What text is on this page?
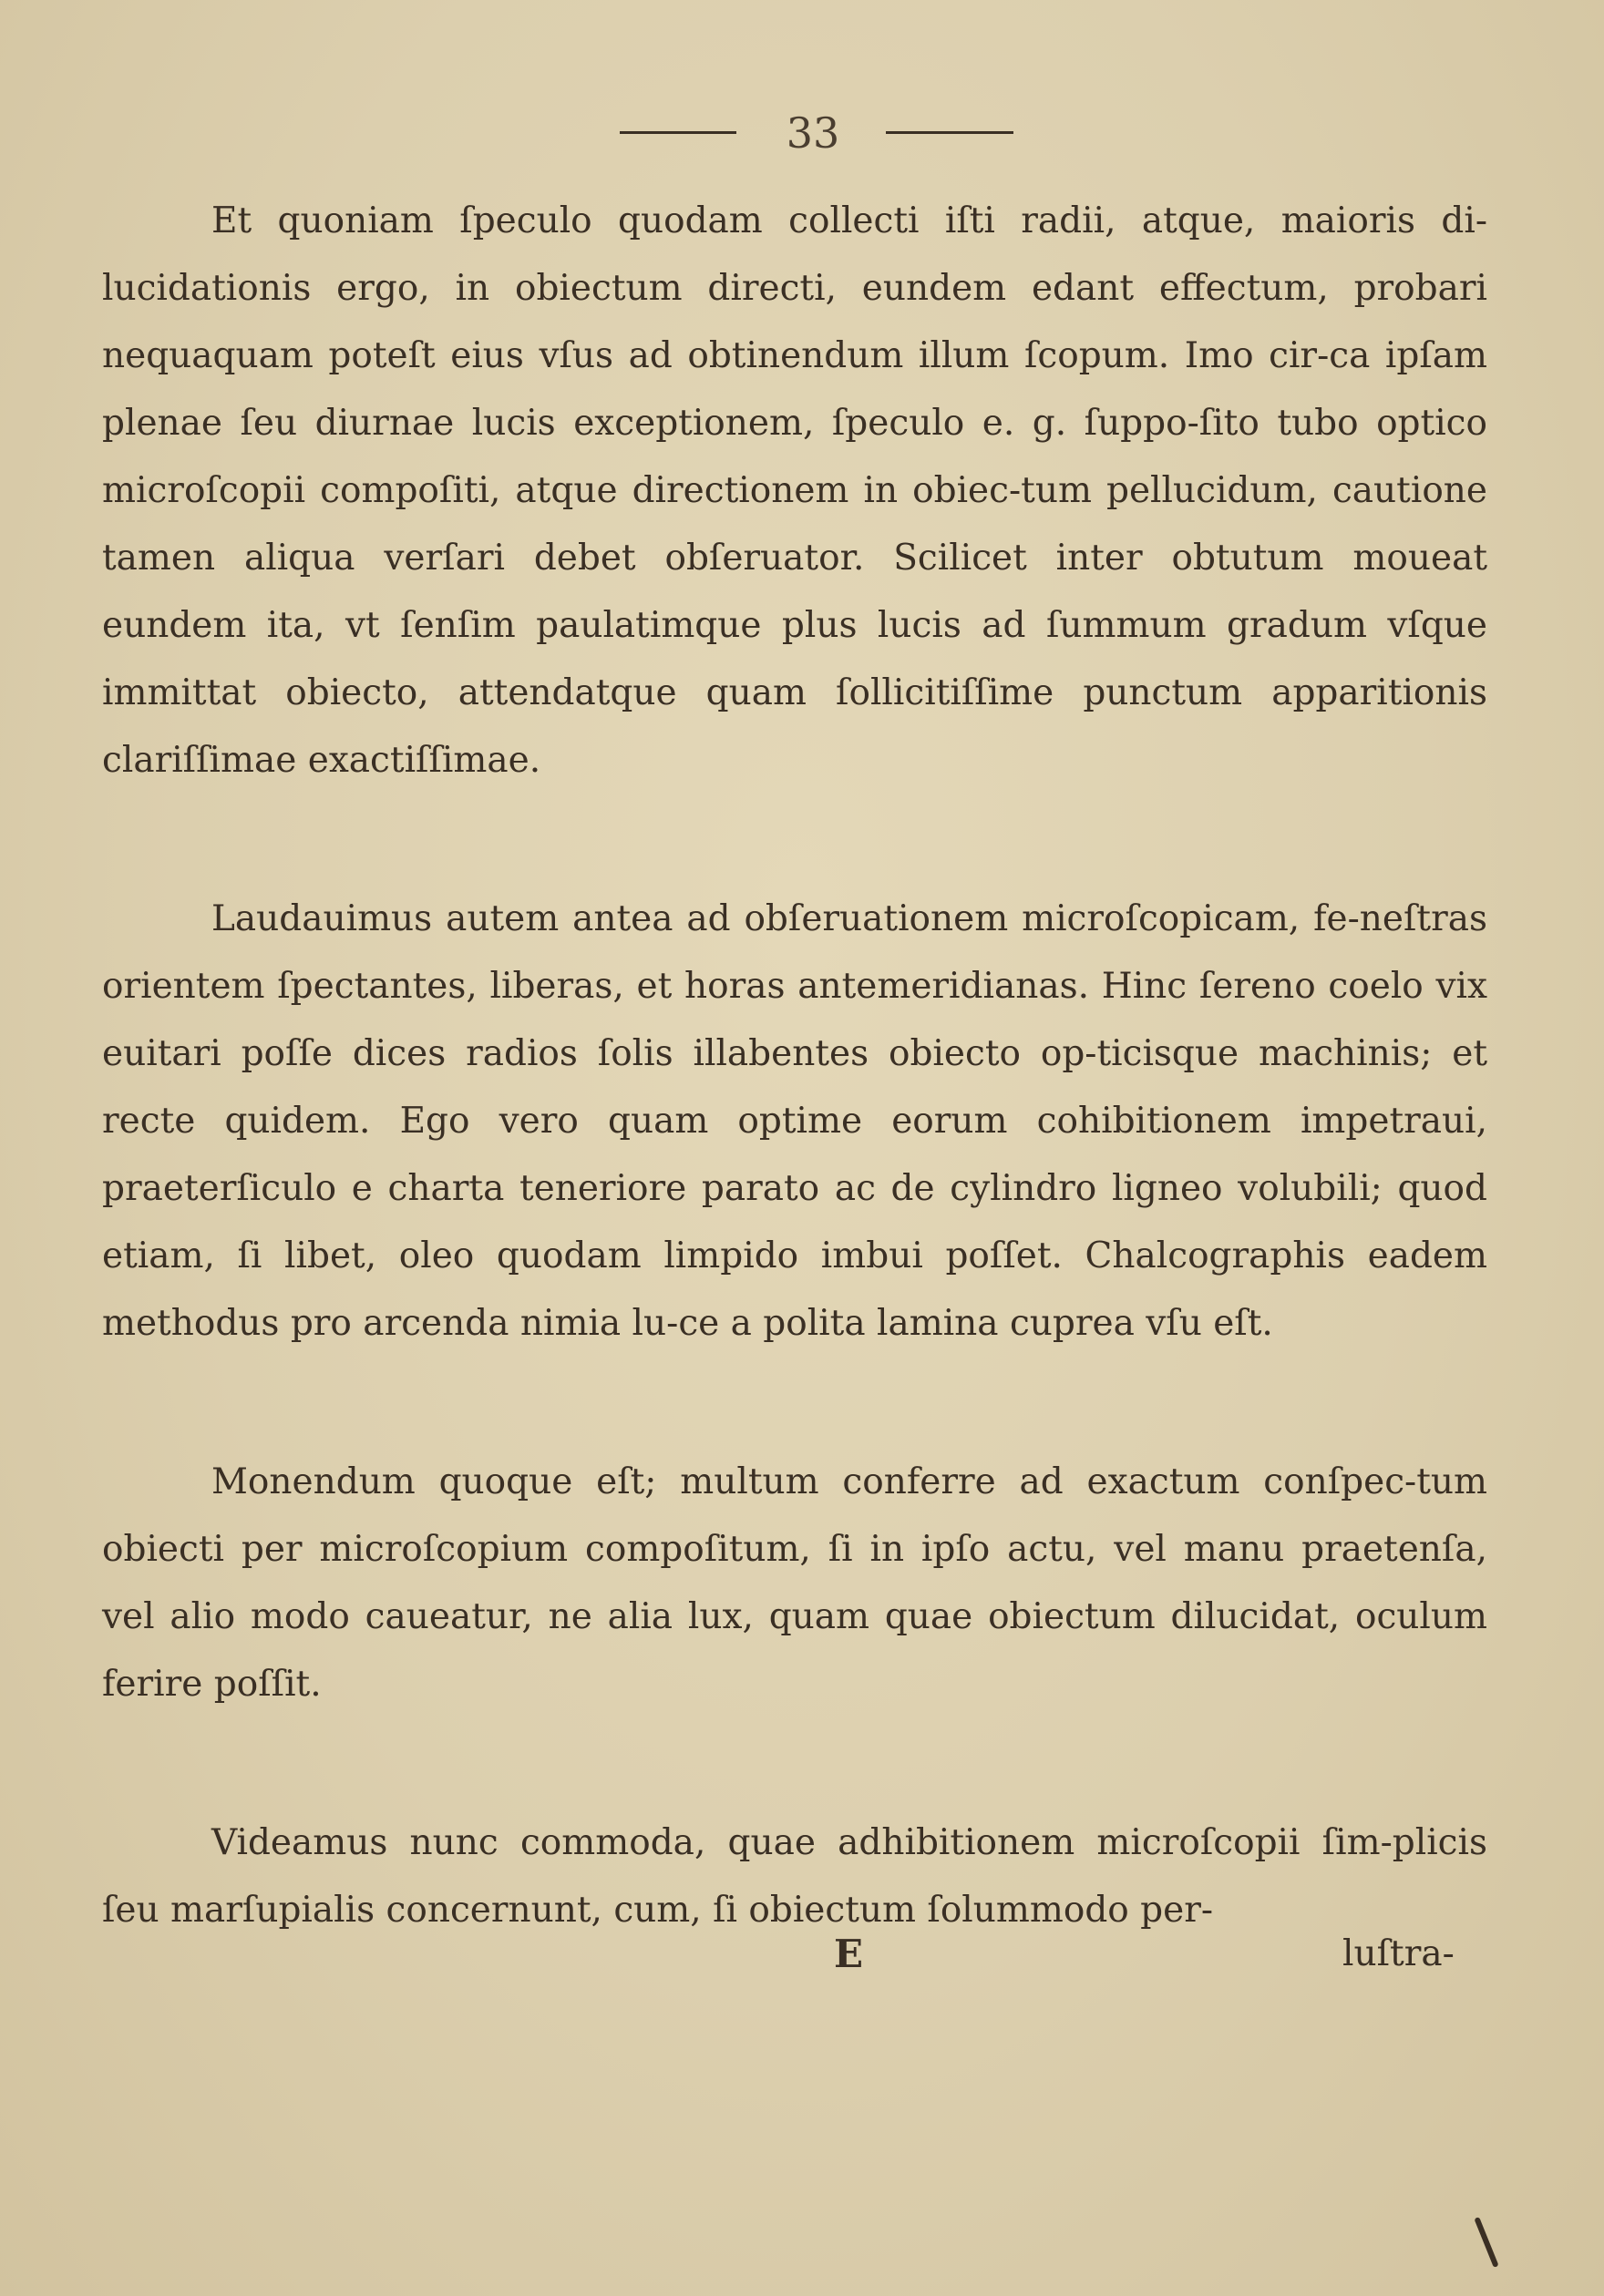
33

Et quoniam ſpeculo quodam collecti iſti radii, atque, maioris di-lucidationis ergo, in obiectum directi, eundem edant effectum, probari nequaquam poteſt eius vſus ad obtinendum illum ſcopum. Imo cir-ca ipſam plenae ſeu diurnae lucis exceptionem, ſpeculo e. g. ſuppo-ſito tubo optico microſcopii compoſiti, atque directionem in obiec-tum pellucidum, cautione tamen aliqua verſari debet obſeruator. Scilicet inter obtutum moueat eundem ita, vt ſenſim paulatimque plus lucis ad ſummum gradum vſque immittat obiecto, attendatque quam ſollicitiſſime punctum apparitionis clariſſimae exactiſſimae.

Laudauimus autem antea ad obſeruationem microſcopicam, fe-neſtras orientem ſpectantes, liberas, et horas antemeridianas. Hinc ſereno coelo vix euitari poſſe dices radios ſolis illabentes obiecto op-ticisque machinis; et recte quidem. Ego vero quam optime eorum cohibitionem impetraui, praeterſiculo e charta teneriore parato ac de cylindro ligneo volubili; quod etiam, ſi libet, oleo quodam limpido imbui poſſet. Chalcographis eadem methodus pro arcenda nimia lu-ce a polita lamina cuprea vſu eſt.

Monendum quoque eſt; multum conferre ad exactum conſpec-tum obiecti per microſcopium compoſitum, ſi in ipſo actu, vel manu praetenſa, vel alio modo caueatur, ne alia lux, quam quae obiectum dilucidat, oculum ferire poſſit.

Videamus nunc commoda, quae adhibitionem microſcopii ſim-plicis ſeu marſupialis concernunt, cum, ſi obiectum ſolummodo per-

E	luſtra-
